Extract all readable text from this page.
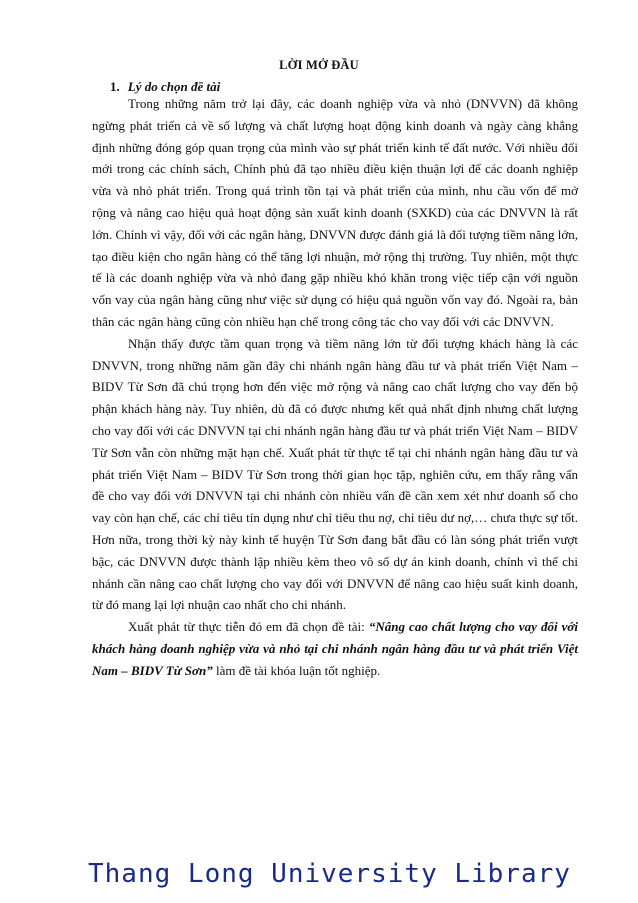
LỜI MỞ ĐẦU
1. Lý do chọn đề tài

Trong những năm trở lại đây, các doanh nghiệp vừa và nhỏ (DNVVN) đã không ngừng phát triển cả về số lượng và chất lượng hoạt động kinh doanh và ngày càng khẳng định những đóng góp quan trọng của mình vào sự phát triển kinh tế đất nước. Với nhiều đổi mới trong các chính sách, Chính phủ đã tạo nhiều điều kiện thuận lợi để các doanh nghiệp vừa và nhỏ phát triển. Trong quá trình tồn tại và phát triển của mình, nhu cầu vốn để mở rộng và nâng cao hiệu quả hoạt động sản xuất kinh doanh (SXKD) của các DNVVN là rất lớn. Chính vì vậy, đối với các ngân hàng, DNVVN được đánh giá là đối tượng tiềm năng lớn, tạo điều kiện cho ngân hàng có thể tăng lợi nhuận, mở rộng thị trường. Tuy nhiên, một thực tế là các doanh nghiệp vừa và nhỏ đang gặp nhiều khó khăn trong việc tiếp cận với nguồn vốn vay của ngân hàng cũng như việc sử dụng có hiệu quả nguồn vốn vay đó. Ngoài ra, bản thân các ngân hàng cũng còn nhiều hạn chế trong công tác cho vay đối với các DNVVN.

Nhận thấy được tầm quan trọng và tiềm năng lớn từ đối tượng khách hàng là các DNVVN, trong những năm gần đây chi nhánh ngân hàng đầu tư và phát triển Việt Nam – BIDV Từ Sơn đã chú trọng hơn đến việc mở rộng và nâng cao chất lượng cho vay đến bộ phận khách hàng này. Tuy nhiên, dù đã có được nhưng kết quả nhất định nhưng chất lượng cho vay đối với các DNVVN tại chi nhánh ngân hàng đầu tư và phát triển Việt Nam – BIDV Từ Sơn vẫn còn những mặt hạn chế. Xuất phát từ thực tế tại chi nhánh ngân hàng đầu tư và phát triển Việt Nam – BIDV Từ Sơn trong thời gian học tập, nghiên cứu, em thấy rằng vấn đề cho vay đối với DNVVN tại chi nhánh còn nhiều vấn đề cần xem xét như doanh số cho vay còn hạn chế, các chỉ tiêu tín dụng như chỉ tiêu thu nợ, chỉ tiêu dư nợ,… chưa thực sự tốt. Hơn nữa, trong thời kỳ này kinh tế huyện Từ Sơn đang bắt đầu có làn sóng phát triển vượt bậc, các DNVVN được thành lập nhiều kèm theo vô số dự án kinh doanh, chính vì thế chi nhánh cần nâng cao chất lượng cho vay đối với DNVVN để nâng cao hiệu suất kinh doanh, từ đó mang lại lợi nhuận cao nhất cho chi nhánh.

Xuất phát từ thực tiễn đó em đã chọn đề tài: “Nâng cao chất lượng cho vay đối với khách hàng doanh nghiệp vừa và nhỏ tại chi nhánh ngân hàng đầu tư và phát triển Việt Nam – BIDV Từ Sơn” làm đề tài khóa luận tốt nghiệp.

Thang Long University Library
